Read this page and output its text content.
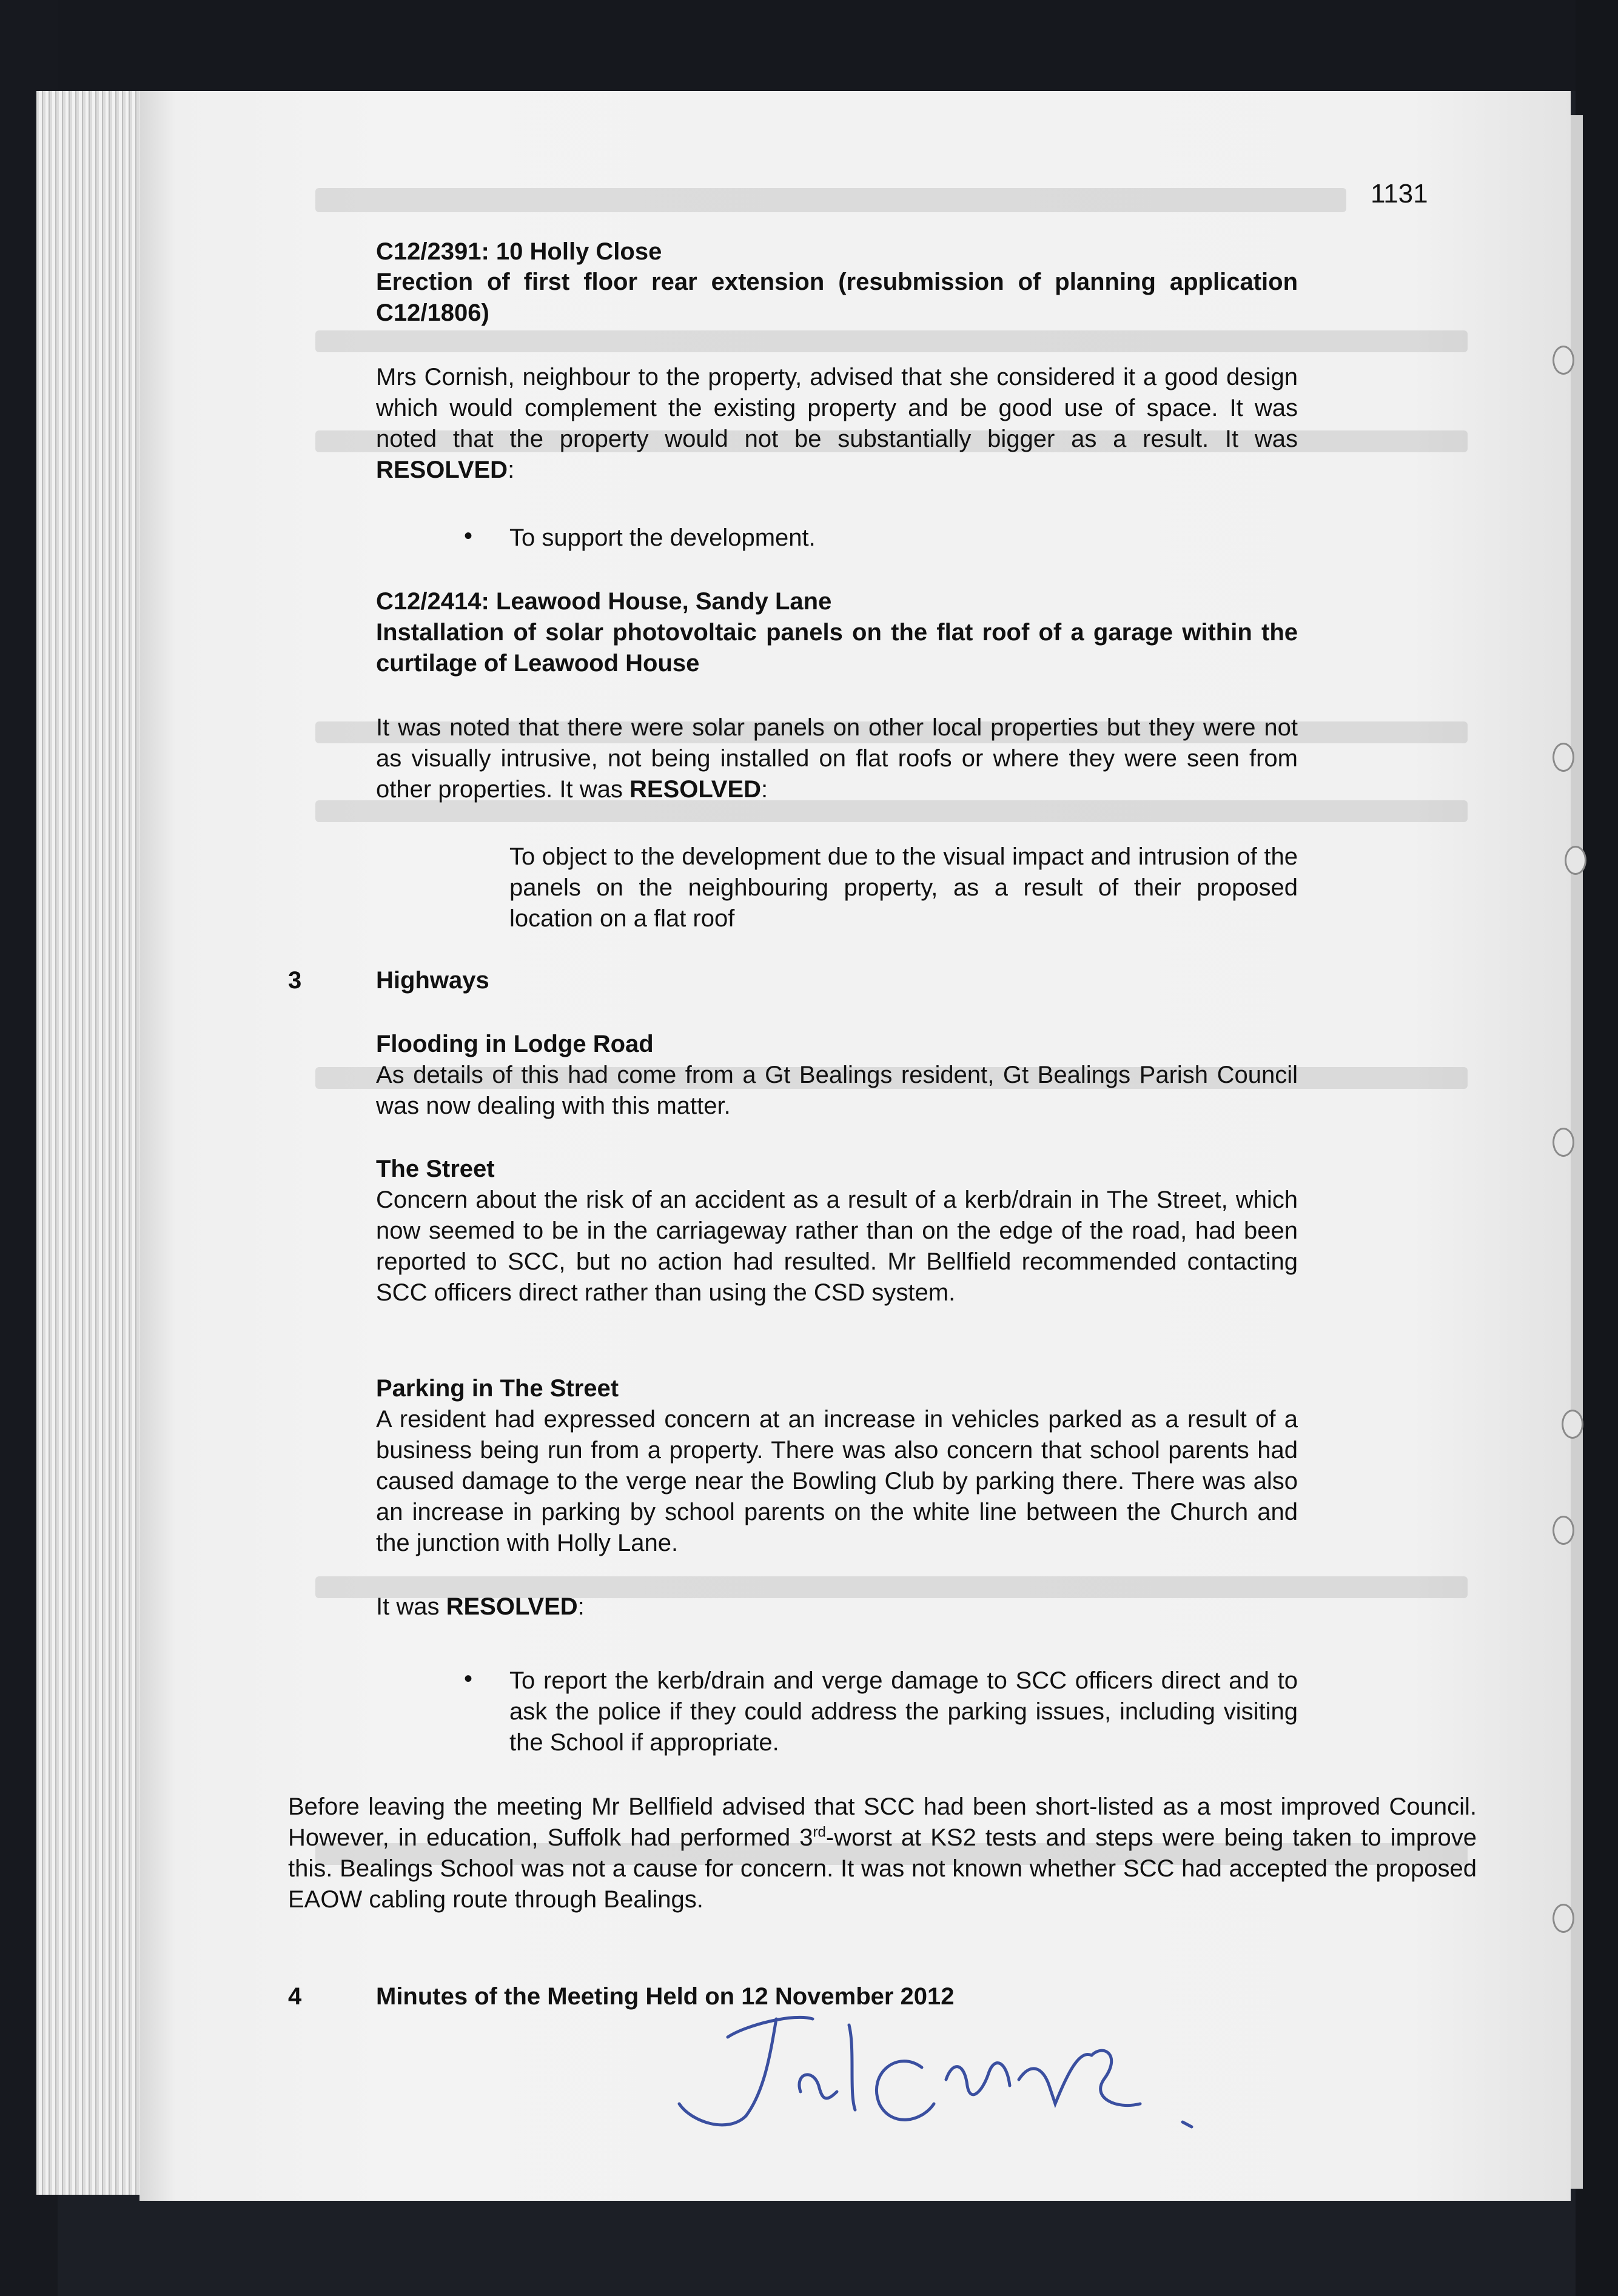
1131
C12/2391: 10 Holly Close
Erection of first floor rear extension (resubmission of planning application C12/1806)
Mrs Cornish, neighbour to the property, advised that she considered it a good design which would complement the existing property and be good use of space. It was noted that the property would not be substantially bigger as a result. It was RESOLVED:
• To support the development.
C12/2414: Leawood House, Sandy Lane
Installation of solar photovoltaic panels on the flat roof of a garage within the curtilage of Leawood House
It was noted that there were solar panels on other local properties but they were not as visually intrusive, not being installed on flat roofs or where they were seen from other properties. It was RESOLVED:
To object to the development due to the visual impact and intrusion of the panels on the neighbouring property, as a result of their proposed location on a flat roof
3	Highways
Flooding in Lodge Road
As details of this had come from a Gt Bealings resident, Gt Bealings Parish Council was now dealing with this matter.
The Street
Concern about the risk of an accident as a result of a kerb/drain in The Street, which now seemed to be in the carriageway rather than on the edge of the road, had been reported to SCC, but no action had resulted. Mr Bellfield recommended contacting SCC officers direct rather than using the CSD system.
Parking in The Street
A resident had expressed concern at an increase in vehicles parked as a result of a business being run from a property. There was also concern that school parents had caused damage to the verge near the Bowling Club by parking there. There was also an increase in parking by school parents on the white line between the Church and the junction with Holly Lane.
It was RESOLVED:
• To report the kerb/drain and verge damage to SCC officers direct and to ask the police if they could address the parking issues, including visiting the School if appropriate.
Before leaving the meeting Mr Bellfield advised that SCC had been short-listed as a most improved Council. However, in education, Suffolk had performed 3rd-worst at KS2 tests and steps were being taken to improve this. Bealings School was not a cause for concern. It was not known whether SCC had accepted the proposed EAOW cabling route through Bealings.
4	Minutes of the Meeting Held on 12 November 2012
